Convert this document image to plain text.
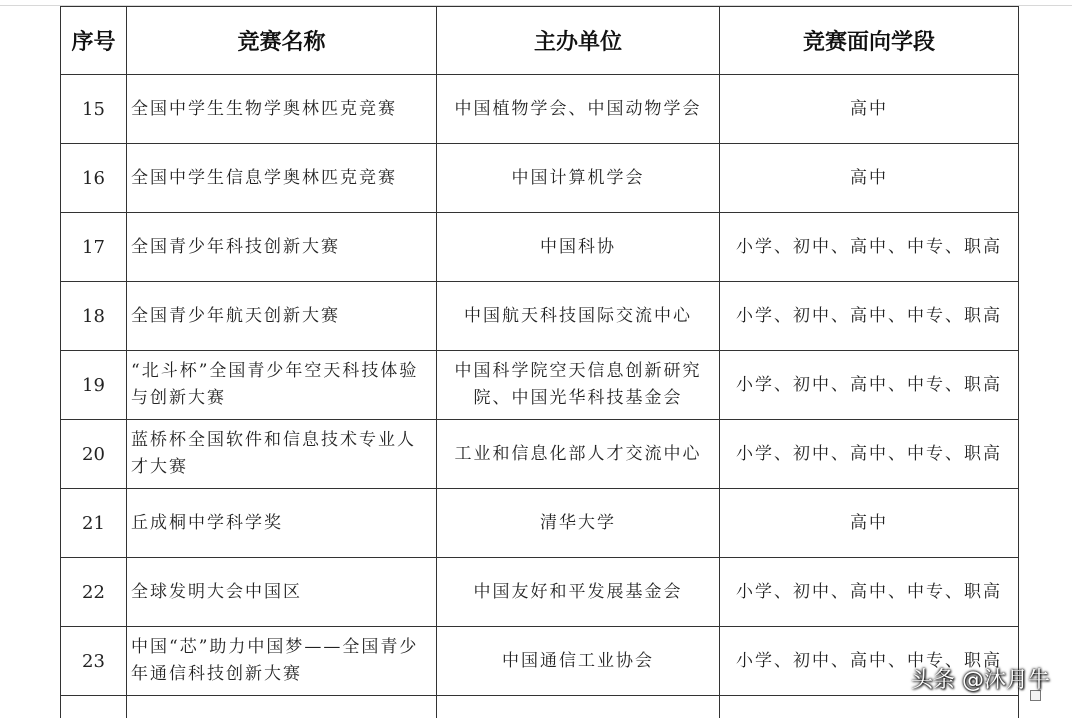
序号	竞赛名称	主办单位	竞赛面向学段
15	全国中学生生物学奥林匹克竞赛	中国植物学会、中国动物学会	高中
16	全国中学生信息学奥林匹克竞赛	中国计算机学会	高中
17	全国青少年科技创新大赛	中国科协	小学、初中、高中、中专、职高
18	全国青少年航天创新大赛	中国航天科技国际交流中心	小学、初中、高中、中专、职高
19	“北斗杯”全国青少年空天科技体验与创新大赛	中国科学院空天信息创新研究院、中国光华科技基金会	小学、初中、高中、中专、职高
20	蓝桥杯全国软件和信息技术专业人才大赛	工业和信息化部人才交流中心	小学、初中、高中、中专、职高
21	丘成桐中学科学奖	清华大学	高中
22	全球发明大会中国区	中国友好和平发展基金会	小学、初中、高中、中专、职高
23	中国“芯”助力中国梦——全国青少年通信科技创新大赛	中国通信工业协会	小学、初中、高中、中专、职高

头条 @沐月牛
